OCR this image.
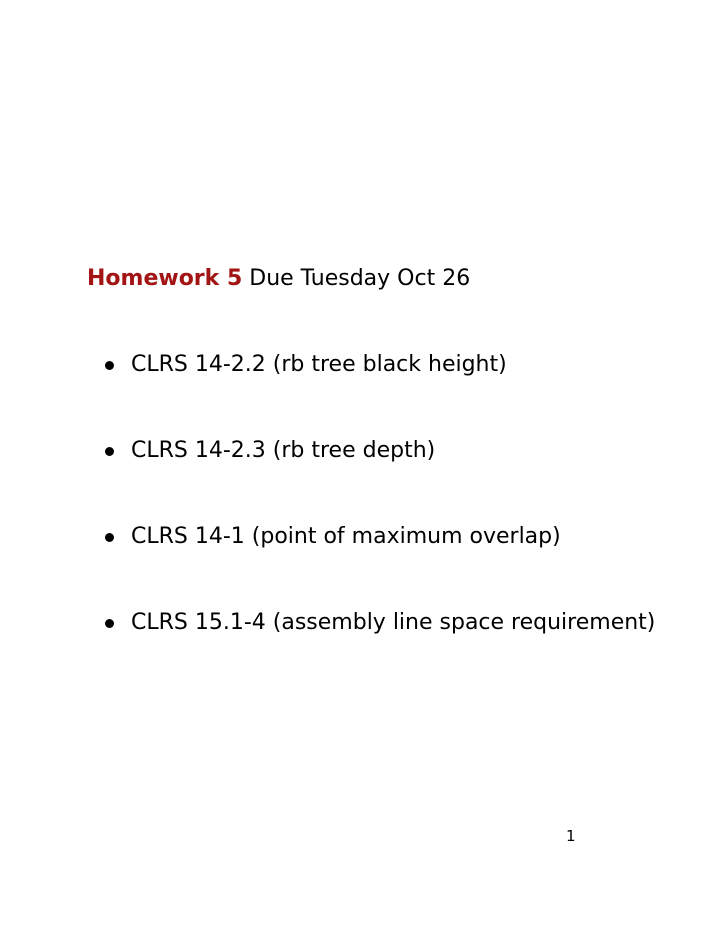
Homework 5 Due Tuesday Oct 26
CLRS 14-2.2 (rb tree black height)
CLRS 14-2.3 (rb tree depth)
CLRS 14-1 (point of maximum overlap)
CLRS 15.1-4 (assembly line space requirement)
1
